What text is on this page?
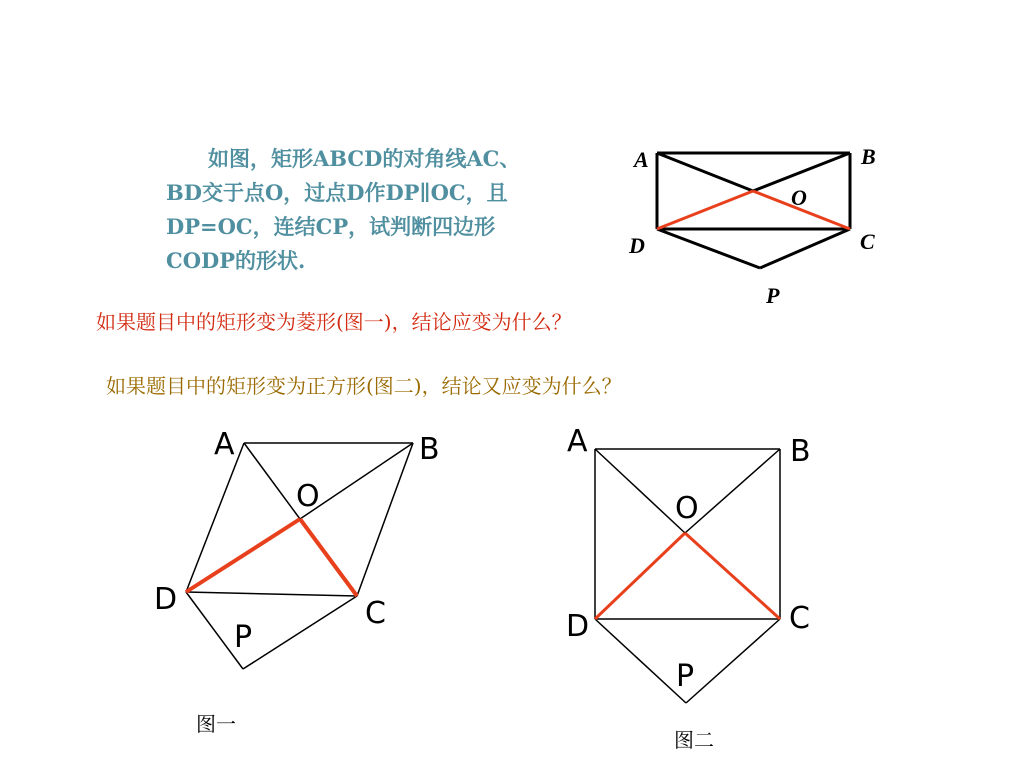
如图，矩形ABCD的对角线AC、
BD交于点O，过点D作DP∥OC，且
DP=OC，连结CP，试判断四边形
CODP的形状.
如果题目中的矩形变为菱形(图一)，结论应变为什么？
如果题目中的矩形变为正方形(图二)，结论又应变为什么？
A	B
O
C
D
P
A	B
O
D	C
P
A	B
O
D	C
P
图一
图二
